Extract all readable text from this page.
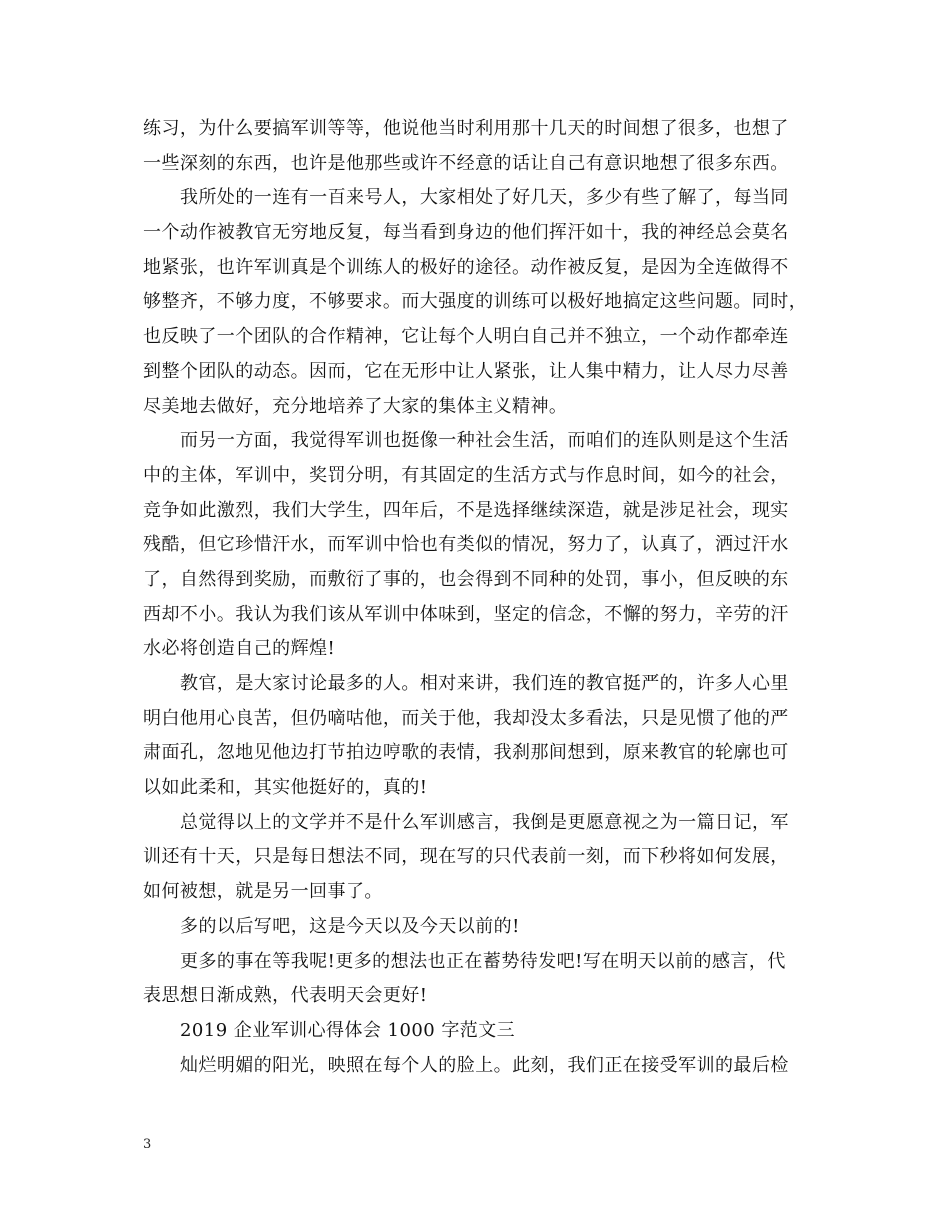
练习，为什么要搞军训等等，他说他当时利用那十几天的时间想了很多，也想了
一些深刻的东西，也许是他那些或许不经意的话让自己有意识地想了很多东西。
我所处的一连有一百来号人，大家相处了好几天，多少有些了解了，每当同
一个动作被教官无穷地反复，每当看到身边的他们挥汗如十，我的神经总会莫名
地紧张，也许军训真是个训练人的极好的途径。动作被反复，是因为全连做得不
够整齐，不够力度，不够要求。而大强度的训练可以极好地搞定这些问题。同时，
也反映了一个团队的合作精神，它让每个人明白自己并不独立，一个动作都牵连
到整个团队的动态。因而，它在无形中让人紧张，让人集中精力，让人尽力尽善
尽美地去做好，充分地培养了大家的集体主义精神。
而另一方面，我觉得军训也挺像一种社会生活，而咱们的连队则是这个生活
中的主体，军训中，奖罚分明，有其固定的生活方式与作息时间，如今的社会，
竞争如此激烈，我们大学生，四年后，不是选择继续深造，就是涉足社会，现实
残酷，但它珍惜汗水，而军训中恰也有类似的情况，努力了，认真了，洒过汗水
了，自然得到奖励，而敷衍了事的，也会得到不同种的处罚，事小，但反映的东
西却不小。我认为我们该从军训中体味到，坚定的信念，不懈的努力，辛劳的汗
水必将创造自己的辉煌!
教官，是大家讨论最多的人。相对来讲，我们连的教官挺严的，许多人心里
明白他用心良苦，但仍嘀咕他，而关于他，我却没太多看法，只是见惯了他的严
肃面孔，忽地见他边打节拍边哼歌的表情，我刹那间想到，原来教官的轮廓也可
以如此柔和，其实他挺好的，真的!
总觉得以上的文学并不是什么军训感言，我倒是更愿意视之为一篇日记，军
训还有十天，只是每日想法不同，现在写的只代表前一刻，而下秒将如何发展，
如何被想，就是另一回事了。
多的以后写吧，这是今天以及今天以前的!
更多的事在等我呢!更多的想法也正在蓄势待发吧!写在明天以前的感言，代
表思想日渐成熟，代表明天会更好!
2019 企业军训心得体会 1000 字范文三
灿烂明媚的阳光，映照在每个人的脸上。此刻，我们正在接受军训的最后检
3
